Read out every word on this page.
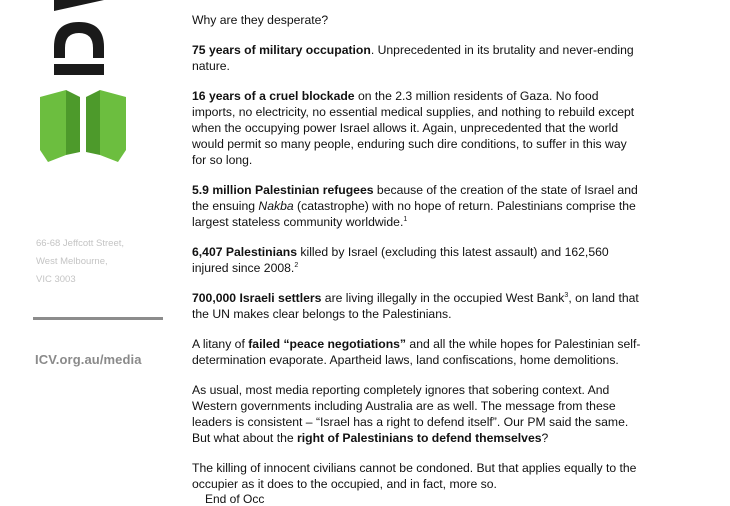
66-68 Jeffcott Street,
West Melbourne,
VIC 3003
ICV.org.au/media

Why are they desperate?

75 years of military occupation. Unprecedented in its brutality and never-ending nature.

16 years of a cruel blockade on the 2.3 million residents of Gaza. No food imports, no electricity, no essential medical supplies, and nothing to rebuild except when the occupying power Israel allows it. Again, unprecedented that the world would permit so many people, enduring such dire conditions, to suffer in this way for so long.

5.9 million Palestinian refugees because of the creation of the state of Israel and the ensuing Nakba (catastrophe) with no hope of return. Palestinians comprise the largest stateless community worldwide.$^1$

6,407 Palestinians killed by Israel (excluding this latest assault) and 162,560 injured since 2008.$^2$

700,000 Israeli settlers are living illegally in the occupied West Bank$^3$, on land that the UN makes clear belongs to the Palestinians.

A litany of failed “peace negotiations” and all the while hopes for Palestinian self-determination evaporate. Apartheid laws, land confiscations, home demolitions.

As usual, most media reporting completely ignores that sobering context. And Western governments including Australia are as well. The message from these leaders is consistent – “Israel has a right to defend itself”. Our PM said the same. But what about the right of Palestinians to defend themselves?

The killing of innocent civilians cannot be condoned. But that applies equally to the occupier as it does to the occupied, and in fact, more so.

End of Occ
